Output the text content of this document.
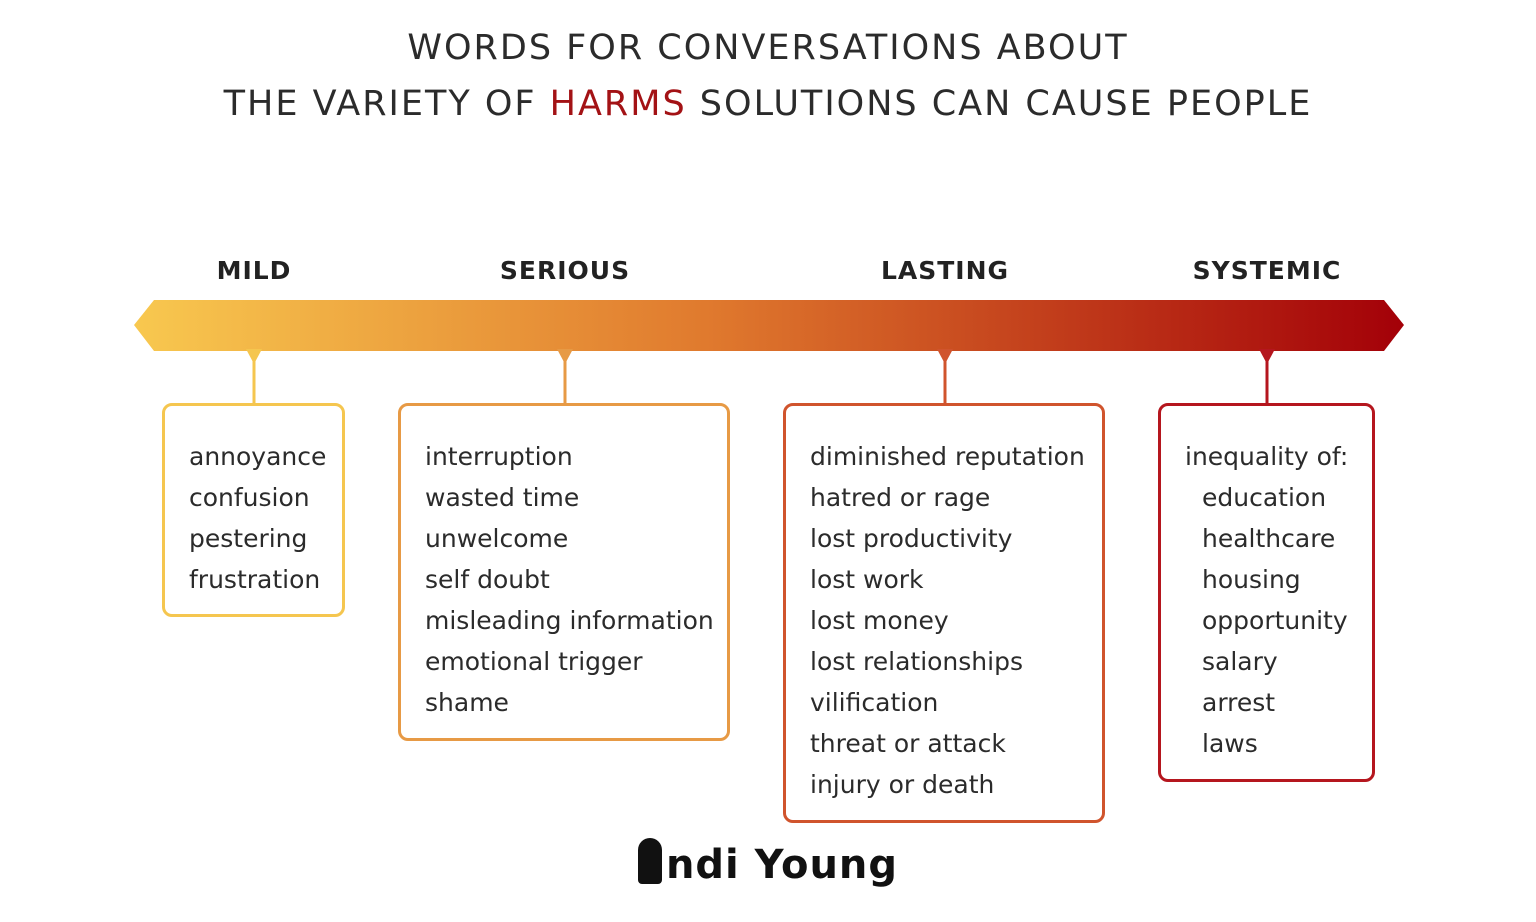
WORDS FOR CONVERSATIONS ABOUT
THE VARIETY OF HARMS SOLUTIONS CAN CAUSE PEOPLE
MILD	SERIOUS	LASTING	SYSTEMIC
annoyance
confusion
pestering
frustration
interruption
wasted time
unwelcome
self doubt
misleading information
emotional trigger
shame
diminished reputation
hatred or rage
lost productivity
lost work
lost money
lost relationships
vilification
threat or attack
injury or death
inequality of:
education
healthcare
housing
opportunity
salary
arrest
laws
ndi Young
